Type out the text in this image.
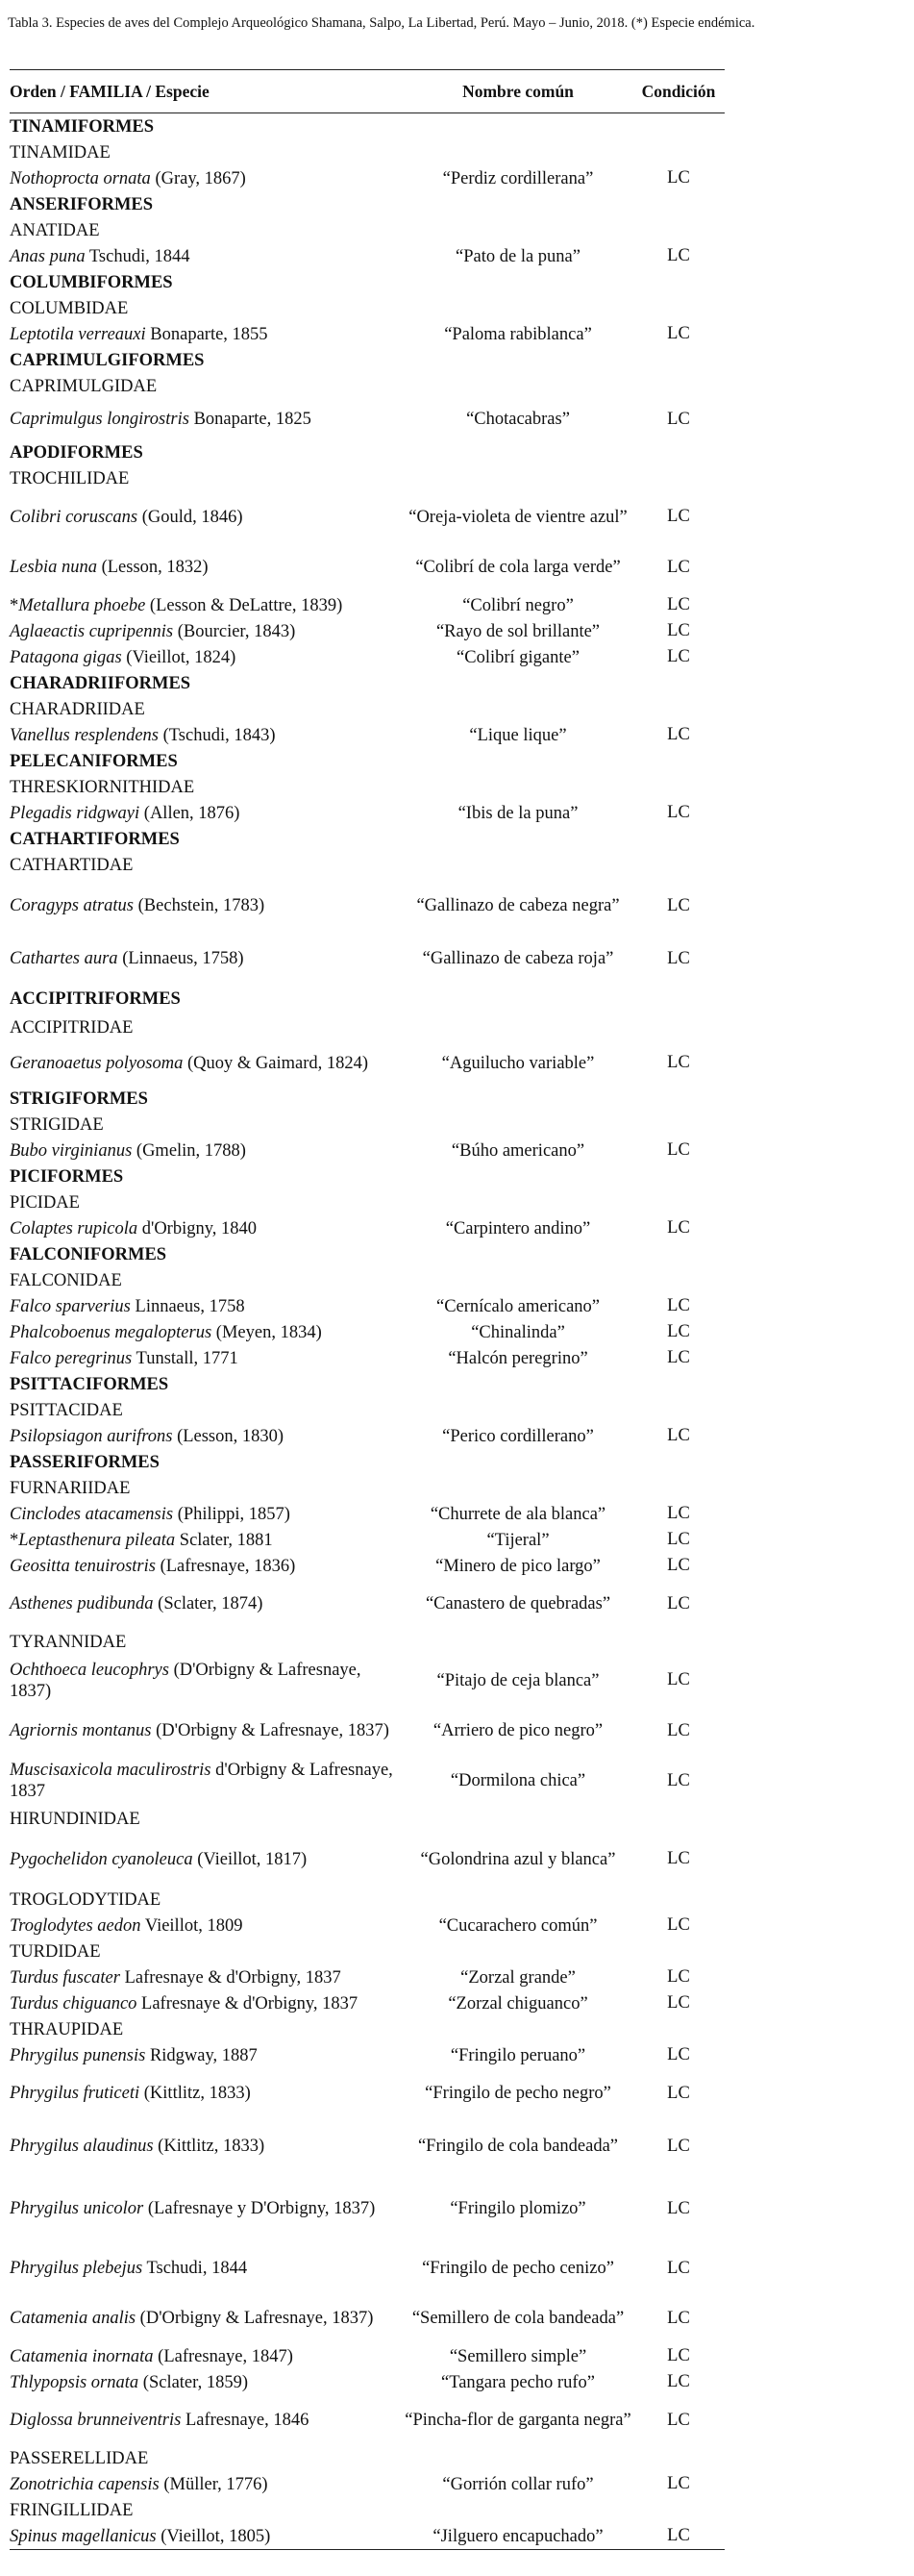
Tabla 3. Especies de aves del Complejo Arqueológico Shamana, Salpo, La Libertad, Perú. Mayo – Junio, 2018. (*) Especie endémica.
Orden / FAMILIA / Especie	Nombre común	Condición
TINAMIFORMES
TINAMIDAE
Nothoprocta ornata (Gray, 1867)	“Perdiz cordillerana”	LC
ANSERIFORMES
ANATIDAE
Anas puna Tschudi, 1844	“Pato de la puna”	LC
COLUMBIFORMES
COLUMBIDAE
Leptotila verreauxi Bonaparte, 1855	“Paloma rabiblanca”	LC
CAPRIMULGIFORMES
CAPRIMULGIDAE
Caprimulgus longirostris Bonaparte, 1825	“Chotacabras”	LC
APODIFORMES
TROCHILIDAE
Colibri coruscans (Gould, 1846)	“Oreja-violeta de vientre azul”	LC
Lesbia nuna (Lesson, 1832)	“Colibrí de cola larga verde”	LC
*Metallura phoebe (Lesson & DeLattre, 1839)	“Colibrí negro”	LC
Aglaeactis cupripennis (Bourcier, 1843)	“Rayo de sol brillante”	LC
Patagona gigas (Vieillot, 1824)	“Colibrí gigante”	LC
CHARADRIIFORMES
CHARADRIIDAE
Vanellus resplendens (Tschudi, 1843)	“Lique lique”	LC
PELECANIFORMES
THRESKIORNITHIDAE
Plegadis ridgwayi (Allen, 1876)	“Ibis de la puna”	LC
CATHARTIFORMES
CATHARTIDAE
Coragyps atratus (Bechstein, 1783)	“Gallinazo de cabeza negra”	LC
Cathartes aura (Linnaeus, 1758)	“Gallinazo de cabeza roja”	LC
ACCIPITRIFORMES
ACCIPITRIDAE
Geranoaetus polyosoma (Quoy & Gaimard, 1824)	“Aguilucho variable”	LC
STRIGIFORMES
STRIGIDAE
Bubo virginianus (Gmelin, 1788)	“Búho americano”	LC
PICIFORMES
PICIDAE
Colaptes rupicola d'Orbigny, 1840	“Carpintero andino”	LC
FALCONIFORMES
FALCONIDAE
Falco sparverius Linnaeus, 1758	“Cernícalo americano”	LC
Phalcoboenus megalopterus (Meyen, 1834)	“Chinalinda”	LC
Falco peregrinus Tunstall, 1771	“Halcón peregrino”	LC
PSITTACIFORMES
PSITTACIDAE
Psilopsiagon aurifrons (Lesson, 1830)	“Perico cordillerano”	LC
PASSERIFORMES
FURNARIIDAE
Cinclodes atacamensis (Philippi, 1857)	“Churrete de ala blanca”	LC
*Leptasthenura pileata Sclater, 1881	“Tijeral”	LC
Geositta tenuirostris (Lafresnaye, 1836)	“Minero de pico largo”	LC
Asthenes pudibunda (Sclater, 1874)	“Canastero de quebradas”	LC
TYRANNIDAE
Ochthoeca leucophrys (D'Orbigny & Lafresnaye, 1837)
“Pitajo de ceja blanca”	LC
Agriornis montanus (D'Orbigny & Lafresnaye, 1837)	“Arriero de pico negro”	LC
Muscisaxicola maculirostris d'Orbigny & Lafresnaye, 1837
“Dormilona chica”	LC
HIRUNDINIDAE
Pygochelidon cyanoleuca (Vieillot, 1817)	“Golondrina azul y blanca”	LC
TROGLODYTIDAE
Troglodytes aedon Vieillot, 1809	“Cucarachero común”	LC
TURDIDAE
Turdus fuscater Lafresnaye & d'Orbigny, 1837	“Zorzal grande”	LC
Turdus chiguanco Lafresnaye & d'Orbigny, 1837	“Zorzal chiguanco”	LC
THRAUPIDAE
Phrygilus punensis Ridgway, 1887	“Fringilo peruano”	LC
Phrygilus fruticeti (Kittlitz, 1833)	“Fringilo de pecho negro”	LC
Phrygilus alaudinus (Kittlitz, 1833)	“Fringilo de cola bandeada”	LC
Phrygilus unicolor (Lafresnaye y D'Orbigny, 1837)	“Fringilo plomizo”	LC
Phrygilus plebejus Tschudi, 1844	“Fringilo de pecho cenizo”	LC
Catamenia analis (D'Orbigny & Lafresnaye, 1837)	“Semillero de cola bandeada”	LC
Catamenia inornata (Lafresnaye, 1847)	“Semillero simple”	LC
Thlypopsis ornata (Sclater, 1859)	“Tangara pecho rufo”	LC
Diglossa brunneiventris Lafresnaye, 1846	“Pincha-flor de garganta negra”	LC
PASSERELLIDAE
Zonotrichia capensis (Müller, 1776)	“Gorrión collar rufo”	LC
FRINGILLIDAE
Spinus magellanicus (Vieillot, 1805)	“Jilguero encapuchado”	LC
